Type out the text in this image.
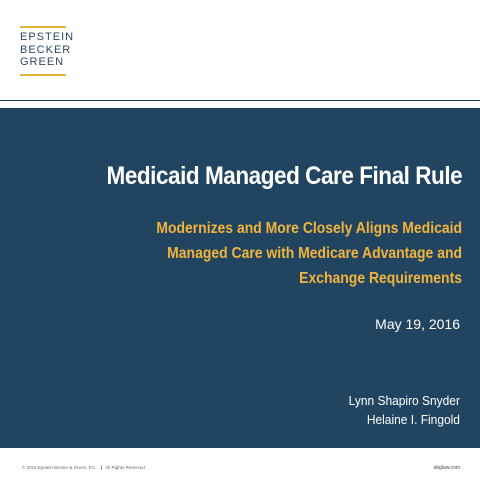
EPSTEIN
BECKER
GREEN
Medicaid Managed Care Final Rule
Modernizes and More Closely Aligns Medicaid
Managed Care with Medicare Advantage and
Exchange Requirements
May 19, 2016
Lynn Shapiro Snyder
Helaine I. Fingold
© 2016 Epstein Becker & Green, P.C. All Rights Reserved.	ebglaw.com
